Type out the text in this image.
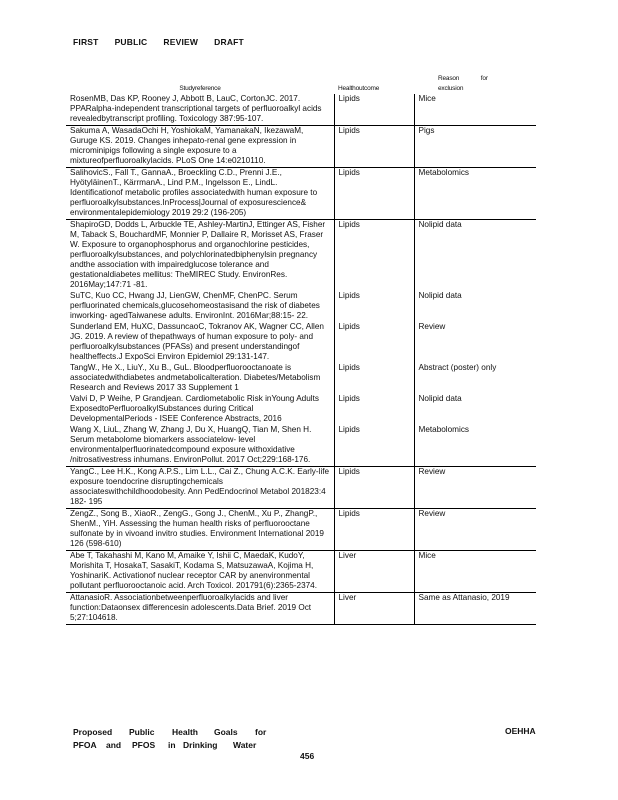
FIRST PUBLIC REVIEW DRAFT
Studyreference	Healthoutcome	Reason for exclusion
RosenMB, Das KP, Rooney J, Abbott B, LauC, CortonJC. 2017. PPARalpha-independent transcriptional targets of perfluoroalkyl acids revealedbytranscript profiling. Toxicology 387:95-107.	Lipids	Mice
Sakuma A, WasadaOchi H, YoshiokaM, YamanakaN, IkezawaM, Guruge KS. 2019. Changes inhepato-renal gene expression in microminipigs following a single exposure to a mixtureofperfluoroalkylacids. PLoS One 14:e0210110.	Lipids	Pigs
SalihovicS., Fall T., GannaA., Broeckling C.D., Prenni J.E., HyötyläinenT., KärrmanA., Lind P.M., Ingelsson E., LindL. Identificationof metabolic profiles associatedwith human exposure to perfluoroalkylsubstances.InProcess|Journal of exposurescience& environmentalepidemiology 2019 29:2 (196-205)	Lipids	Metabolomics
ShapiroGD, Dodds L, Arbuckle TE, Ashley-MartinJ, Ettinger AS, Fisher M, Taback S, BouchardMF, Monnier P, Dallaire R, Morisset AS, Fraser W. Exposure to organophosphorus and organochlorine pesticides, perfluoroalkylsubstances, and polychlorinatedbiphenylsin pregnancy andthe association with impairedglucose tolerance and gestationaldiabetes mellitus: TheMIREC Study. EnvironRes. 2016May;147:71 -81.	Lipids	Nolipid data
SuTC, Kuo CC, Hwang JJ, LienGW, ChenMF, ChenPC. Serum perfluorinated chemicals,glucosehomeostasisand the risk of diabetes inworking- agedTaiwanese adults. EnvironInt. 2016Mar;88:15- 22.	Lipids	Nolipid data
Sunderland EM, HuXC, DassuncaoC, Tokranov AK, Wagner CC, Allen JG. 2019. A review of thepathways of human exposure to poly- and perfluoroalkylsubstances (PFASs) and present understandingof healtheffects.J ExpoSci Environ Epidemiol 29:131-147.	Lipids	Review
TangW., He X., LiuY., Xu B., GuL. Bloodperfluorooctanoate is associatedwithdiabetes andmetabolicalteration. Diabetes/Metabolism Research and Reviews 2017 33 Supplement 1	Lipids	Abstract (poster) only
Valvi D, P Weihe, P Grandjean. Cardiometabolic Risk inYoung Adults ExposedtoPerfluoroalkylSubstances during Critical DevelopmentalPeriods - ISEE Conference Abstracts, 2016	Lipids	Nolipid data
Wang X, LiuL, Zhang W, Zhang J, Du X, HuangQ, Tian M, Shen H. Serum metabolome biomarkers associatelow- level environmentalperfluorinatedcompound exposure withoxidative /nitrosativestress inhumans. EnvironPollut. 2017 Oct;229:168-176.	Lipids	Metabolomics
YangC., Lee H.K., Kong A.P.S., Lim L.L., Cai Z., Chung A.C.K. Early-life exposure toendocrine disruptingchemicals associateswithchildhoodobesity. Ann PedEndocrinol Metabol 201823:4 182- 195	Lipids	Review
ZengZ., Song B., XiaoR., ZengG., Gong J., ChenM., Xu P., ZhangP., ShenM., YiH. Assessing the human health risks of perfluorooctane sulfonate by in vivoand invitro studies. Environment International 2019 126 (598-610)	Lipids	Review
Abe T, Takahashi M, Kano M, Amaike Y, Ishii C, MaedaK, KudoY, Morishita T, HosakaT, SasakiT, Kodama S, MatsuzawaA, Kojima H, YoshinariK. Activationof nuclear receptor CAR by anenvironmental pollutant perfluorooctanoic acid. Arch Toxicol. 201791(6):2365-2374.	Liver	Mice
AttanasioR. Associationbetweenperfluoroalkylacids and liver function:Dataonsex differencesin adolescents.Data Brief. 2019 Oct 5;27:104618.	Liver	Same as Attanasio, 2019
Proposed	Public	Health	Goals	for
PFOA	and	PFOS	in Drinking	Water
OEHHA
456
